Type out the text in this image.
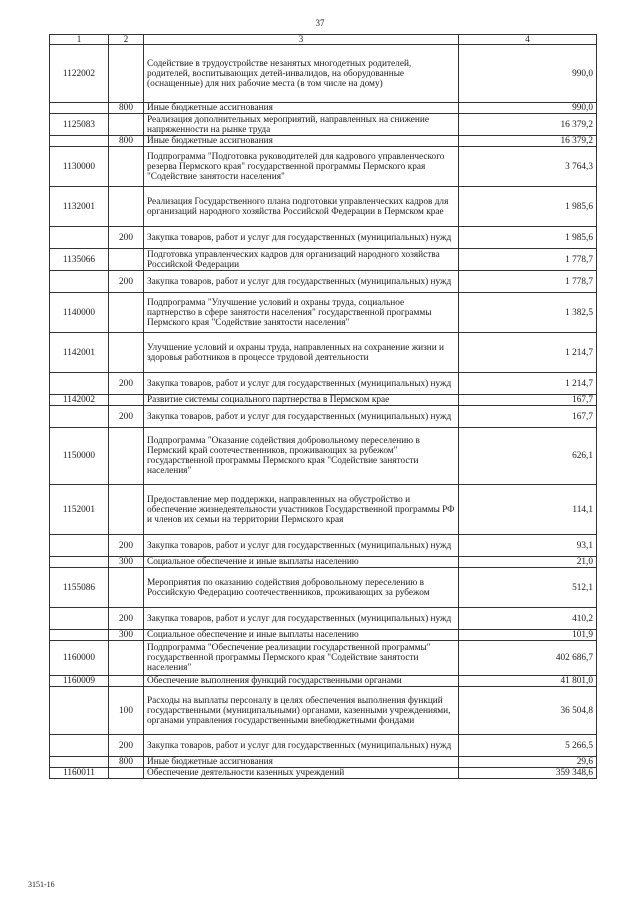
37
1	2	3	4
1122002		Содействие в трудоустройстве незанятых многодетных родителей, родителей, воспитывающих детей-инвалидов, на оборудованные (оснащенные) для них рабочие места (в том числе на дому)	990,0
	800	Иные бюджетные ассигнования	990,0
1125083		Реализация дополнительных мероприятий, направленных на снижение напряженности на рынке труда	16 379,2
	800	Иные бюджетные ассигнования	16 379,2
1130000		Подпрограмма "Подготовка руководителей для кадрового управленческого резерва Пермского края" государственной программы Пермского края "Содействие занятости населения"	3 764,3
1132001		Реализация Государственного плана подготовки управленческих кадров для организаций народного хозяйства Российской Федерации в Пермском крае	1 985,6
	200	Закупка товаров, работ и услуг для государственных (муниципальных) нужд	1 985,6
1135066		Подготовка управленческих кадров для организаций народного хозяйства Российской Федерации	1 778,7
	200	Закупка товаров, работ и услуг для государственных (муниципальных) нужд	1 778,7
1140000		Подпрограмма "Улучшение условий и охраны труда, социальное партнерство в сфере занятости населения" государственной программы Пермского края "Содействие занятости населения"	1 382,5
1142001		Улучшение условий и охраны труда, направленных на сохранение жизни и здоровья работников в процессе трудовой деятельности	1 214,7
	200	Закупка товаров, работ и услуг для государственных (муниципальных) нужд	1 214,7
1142002		Развитие системы социального партнерства в Пермском крае	167,7
	200	Закупка товаров, работ и услуг для государственных (муниципальных) нужд	167,7
1150000		Подпрограмма "Оказание содействия добровольному переселению в Пермский край соотечественников, проживающих за рубежом" государственной программы Пермского края "Содействие занятости населения"	626,1
1152001		Предоставление мер поддержки, направленных на обустройство и обеспечение жизнедеятельности участников Государственной программы РФ и членов их семьи на территории Пермского края	114,1
	200	Закупка товаров, работ и услуг для государственных (муниципальных) нужд	93,1
	300	Социальное обеспечение и иные выплаты населению	21,0
1155086		Мероприятия по оказанию содействия добровольному переселению в Российскую Федерацию соотечественников, проживающих за рубежом	512,1
	200	Закупка товаров, работ и услуг для государственных (муниципальных) нужд	410,2
	300	Социальное обеспечение и иные выплаты населению	101,9
1160000		Подпрограмма "Обеспечение реализации государственной программы" государственной программы Пермского края "Содействие занятости населения"	402 686,7
1160009		Обеспечение выполнения функций государственными органами	41 801,0
	100	Расходы на выплаты персоналу в целях обеспечения выполнения функций государственными (муниципальными) органами, казенными учреждениями, органами управления государственными внебюджетными фондами	36 504,8
	200	Закупка товаров, работ и услуг для государственных (муниципальных) нужд	5 266,5
	800	Иные бюджетные ассигнования	29,6
1160011		Обеспечение деятельности казенных учреждений	359 348,6
3151-16
